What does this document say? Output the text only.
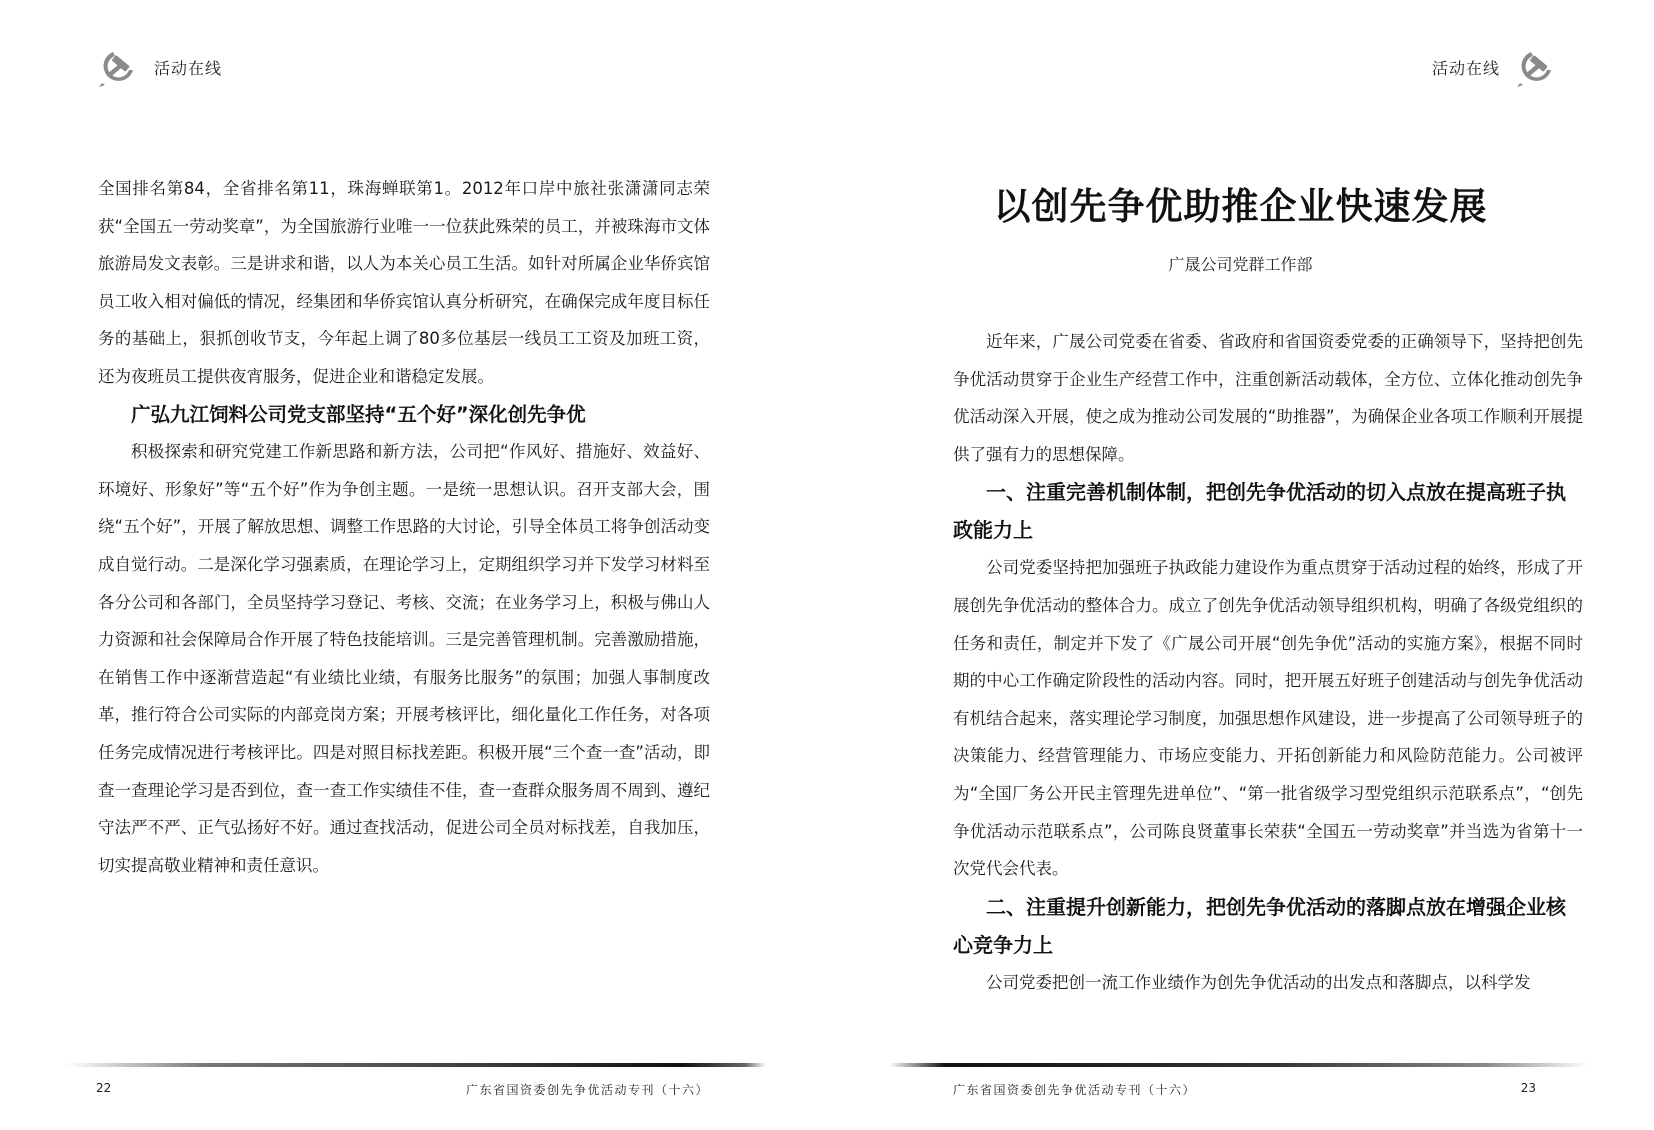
活动在线

全国排名第84，全省排名第11，珠海蝉联第1。2012年口岸中旅社张潇潇同志荣获“全国五一劳动奖章”，为全国旅游行业唯一一位获此殊荣的员工，并被珠海市文体旅游局发文表彰。三是讲求和谐，以人为本关心员工生活。如针对所属企业华侨宾馆员工收入相对偏低的情况，经集团和华侨宾馆认真分析研究，在确保完成年度目标任务的基础上，狠抓创收节支，今年起上调了80多位基层一线员工工资及加班工资，还为夜班员工提供夜宵服务，促进企业和谐稳定发展。

广弘九江饲料公司党支部坚持“五个好”深化创先争优

积极探索和研究党建工作新思路和新方法，公司把“作风好、措施好、效益好、环境好、形象好”等“五个好”作为争创主题。一是统一思想认识。召开支部大会，围绕“五个好”，开展了解放思想、调整工作思路的大讨论，引导全体员工将争创活动变成自觉行动。二是深化学习强素质，在理论学习上，定期组织学习并下发学习材料至各分公司和各部门，全员坚持学习登记、考核、交流；在业务学习上，积极与佛山人力资源和社会保障局合作开展了特色技能培训。三是完善管理机制。完善激励措施，在销售工作中逐渐营造起“有业绩比业绩，有服务比服务”的氛围；加强人事制度改革，推行符合公司实际的内部竞岗方案；开展考核评比，细化量化工作任务，对各项任务完成情况进行考核评比。四是对照目标找差距。积极开展“三个查一查”活动，即查一查理论学习是否到位，查一查工作实绩佳不佳，查一查群众服务周不周到、遵纪守法严不严、正气弘扬好不好。通过查找活动，促进公司全员对标找差，自我加压，切实提高敬业精神和责任意识。

22	广东省国资委创先争优活动专刊（十六）
活动在线
以创先争优助推企业快速发展
广晟公司党群工作部

近年来，广晟公司党委在省委、省政府和省国资委党委的正确领导下，坚持把创先争优活动贯穿于企业生产经营工作中，注重创新活动载体，全方位、立体化推动创先争优活动深入开展，使之成为推动公司发展的“助推器”，为确保企业各项工作顺利开展提供了强有力的思想保障。

一、注重完善机制体制，把创先争优活动的切入点放在提高班子执政能力上

公司党委坚持把加强班子执政能力建设作为重点贯穿于活动过程的始终，形成了开展创先争优活动的整体合力。成立了创先争优活动领导组织机构，明确了各级党组织的任务和责任，制定并下发了《广晟公司开展“创先争优”活动的实施方案》，根据不同时期的中心工作确定阶段性的活动内容。同时，把开展五好班子创建活动与创先争优活动有机结合起来，落实理论学习制度，加强思想作风建设，进一步提高了公司领导班子的决策能力、经营管理能力、市场应变能力、开拓创新能力和风险防范能力。公司被评为“全国厂务公开民主管理先进单位”、“第一批省级学习型党组织示范联系点”，“创先争优活动示范联系点”，公司陈良贤董事长荣获“全国五一劳动奖章”并当选为省第十一次党代会代表。

二、注重提升创新能力，把创先争优活动的落脚点放在增强企业核心竞争力上

公司党委把创一流工作业绩作为创先争优活动的出发点和落脚点，以科学发

广东省国资委创先争优活动专刊（十六）	23
